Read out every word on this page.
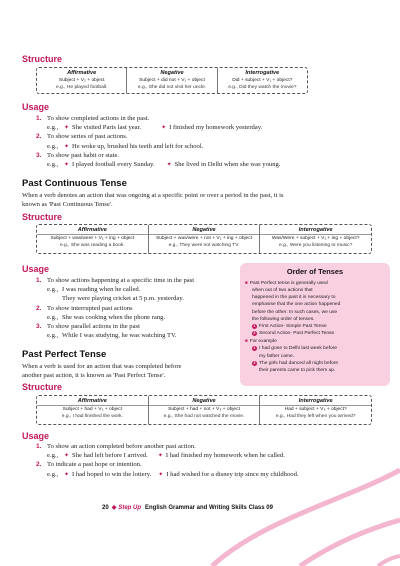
Structure
Affirmative
Subject + V₂ + object
e.g., He played football.
Negative
Subject + did not + V₁ + object
e.g., She did not visit her uncle.
Interrogative
Did + subject + V₁ + object?
e.g., Did they watch the movie?
Usage
1. To show completed actions in the past.
e.g., ✦ She visited Paris last year.	✦ I finished my homework yesterday.
2. To show series of past actions.
e.g., ✦ He woke up, brushed his teeth and left for school.
3. To show past habit or state.
e.g., ✦ I played football every Sunday. ✦ She lived in Delhi when she was young.
Past Continuous Tense
When a verb denotes an action that was ongoing at a specific point or over a period in the past, it is
known as 'Past Continuous Tense'.
Structure
Affirmative
Subject + was/were + V₁ + ing + object
e.g., She was reading a book.
Negative
Subject + was/were + not + V₁ + ing + object
e.g., They were not watching TV.
Interrogative
Was/Were + subject + V₁ + ing + object?
e.g., Were you listening to music?
Usage
1. To show actions happening at a specific time in the past
e.g., I was reading when he called.
They were playing cricket at 5 p.m. yesterday.
2. To show interrupted past actions
e.g., She was cooking when the phone rang.
3. To show parallel actions in the past
e.g., While I was studying, he was watching TV.
Order of Tenses
■ Past Perfect tense is generally used
when out of two actions that
happened in the past it is necessary to
emphasise that the one action happened
before the other. In such cases, we use
the following order of tenses.
1 First Action- Simple Past Tense
2 Second Action- Past Perfect Tense
■ For example
1 I had gone to Delhi last week before
my father came.
2 The girls had danced all night before
their parents came to pick them up.
Past Perfect Tense
When a verb is used for an action that was completed before
another past action, it is known as 'Past Perfect Tense'.
Structure
Affirmative
Subject + had + V₃ + object
e.g., I had finished the work.
Negative
Subject + had + not + V₃ + object
e.g., She had not watched the movie.
Interrogative
Had + subject + V₃ + object?
e.g., Had they left when you arrived?
Usage
1. To show an action completed before another past action.
e.g., ✦ She had left before I arrived. ✦ I had finished my homework when he called.
2. To indicate a past hope or intention.
e.g., ✦ I had hoped to win the lottery. ✦ I had wished for a disney trip since my childhood.
20 ◆ Step Up English Grammar and Writing Skills Class 09
